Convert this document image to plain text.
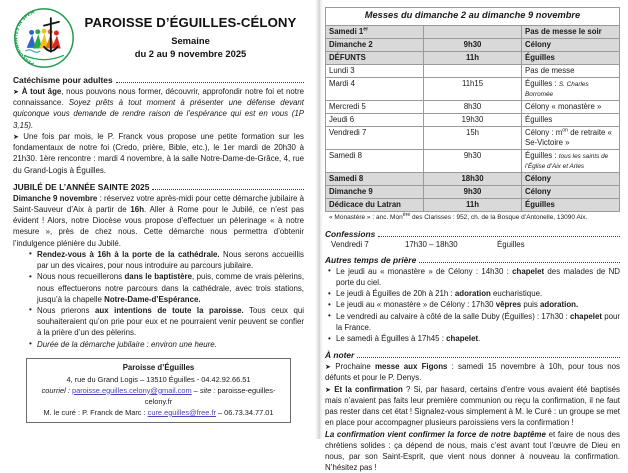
PEREGRINANTES IN SPEM
PAROISSE D’ÉGUILLES-CÉLONY
Semaine
du 2 au 9 novembre 2025
Catéchisme pour adultes

➤ À tout âge, nous pouvons nous former, découvrir, approfondir notre foi et notre connaissance. Soyez prêts à tout moment à présenter une défense devant quiconque vous demande de rendre raison de l’espérance qui est en vous (1P 3,15).

➤ Une fois par mois, le P. Franck vous propose une petite formation sur les fondamentaux de notre foi (Credo, prière, Bible, etc.), le 1er mardi de 20h30 à 21h30. 1ère rencontre : mardi 4 novembre, à la salle Notre-Dame-de-Grâce, 4, rue du Grand-Logis à Éguilles.

JUBILÉ DE L’ANNÉE SAINTE 2025

Dimanche 9 novembre : réservez votre après-midi pour cette démarche jubilaire à Saint-Sauveur d’Aix à partir de 16h. Aller à Rome pour le Jubilé, ce n’est pas évident ! Alors, notre Diocèse vous propose d’effectuer un pèlerinage « à notre mesure », près de chez nous. Cette démarche nous permettra d’obtenir l’indulgence plénière du Jubilé.

• Rendez-vous à 16h à la porte de la cathédrale. Nous serons accueillis par un des vicaires, pour nous introduire au parcours jubilaire.
• Nous nous recueillerons dans le baptistère, puis, comme de vrais pèlerins, nous effectuerons notre parcours dans la cathédrale, avec trois stations, jusqu’à la chapelle Notre-Dame-d’Espérance.
• Nous prierons aux intentions de toute la paroisse. Tous ceux qui souhaiteraient qu’on prie pour eux et ne pourraient venir peuvent se confier à la prière d’un des pèlerins.
• Durée de la démarche jubilaire : environ une heure.
Paroisse d’Éguilles
4, rue du Grand Logis – 13510 Éguilles - 04.42.92.66.51
courriel : paroisse.eguilles.celony@gmail.com – site : paroisse-eguilles-celony.fr
M. le curé : P. Franck de Marc : cure.eguilles@free.fr – 06.73.34.77.01
Messes du dimanche 2 au dimanche 9 novembre		
Samedi 1er		Pas de messe le soir
Dimanche 2	9h30	Célony
DÉFUNTS	11h	Éguilles
Lundi 3		Pas de messe
Mardi 4	11h15	Éguilles : S. Charles Borromée
Mercredi 5	8h30	Célony « monastère »
Jeudi 6	19h30	Éguilles
Vendredi 7	15h	Célony : $m^{on}$ de retraite « Se-Victoire »
Samedi 8	9h30	Éguilles : tous les saints de l’Église d’Aix et Arles
Samedi 8	18h30	Célony
Dimanche 9	9h30	Célony
Dédicace du Latran	11h	Éguilles
« Monastère » : anc. Mon$^{ère}$ des Clarisses : 952, ch. de la Bosque d’Antonelle, 13090 Aix.
Confessions
Vendredi 7	17h30 – 18h30	Éguilles
Autres temps de prière
• Le jeudi au « monastère » de Célony : 14h30 : chapelet des malades de ND porte du ciel.
• Le jeudi à Éguilles de 20h à 21h : adoration eucharistique.
• Le jeudi au « monastère » de Célony : 17h30 vêpres puis adoration.
• Le vendredi au calvaire à côté de la salle Duby (Éguilles) : 17h30 : chapelet pour la France.
• Le samedi à Éguilles à 17h45 : chapelet.
À noter

➤ Prochaine messe aux Figons : samedi 15 novembre à 10h, pour tous nos défunts et pour le P. Denys.

➤ Et la confirmation ? Si, par hasard, certains d’entre vous avaient été baptisés mais n’avaient pas faits leur première communion ou reçu la confirmation, il ne faut pas rester dans cet état ! Signalez-vous simplement à M. le Curé : un groupe se met en place pour accompagner plusieurs paroissiens vers la confirmation !

La confirmation vient confirmer la force de notre baptême et faire de nous des chrétiens solides : ça dépend de nous, mais c’est avant tout l’œuvre de Dieu en nous, par son Saint-Esprit, que vient nous donner à nouveau la confirmation. N’hésitez pas !
